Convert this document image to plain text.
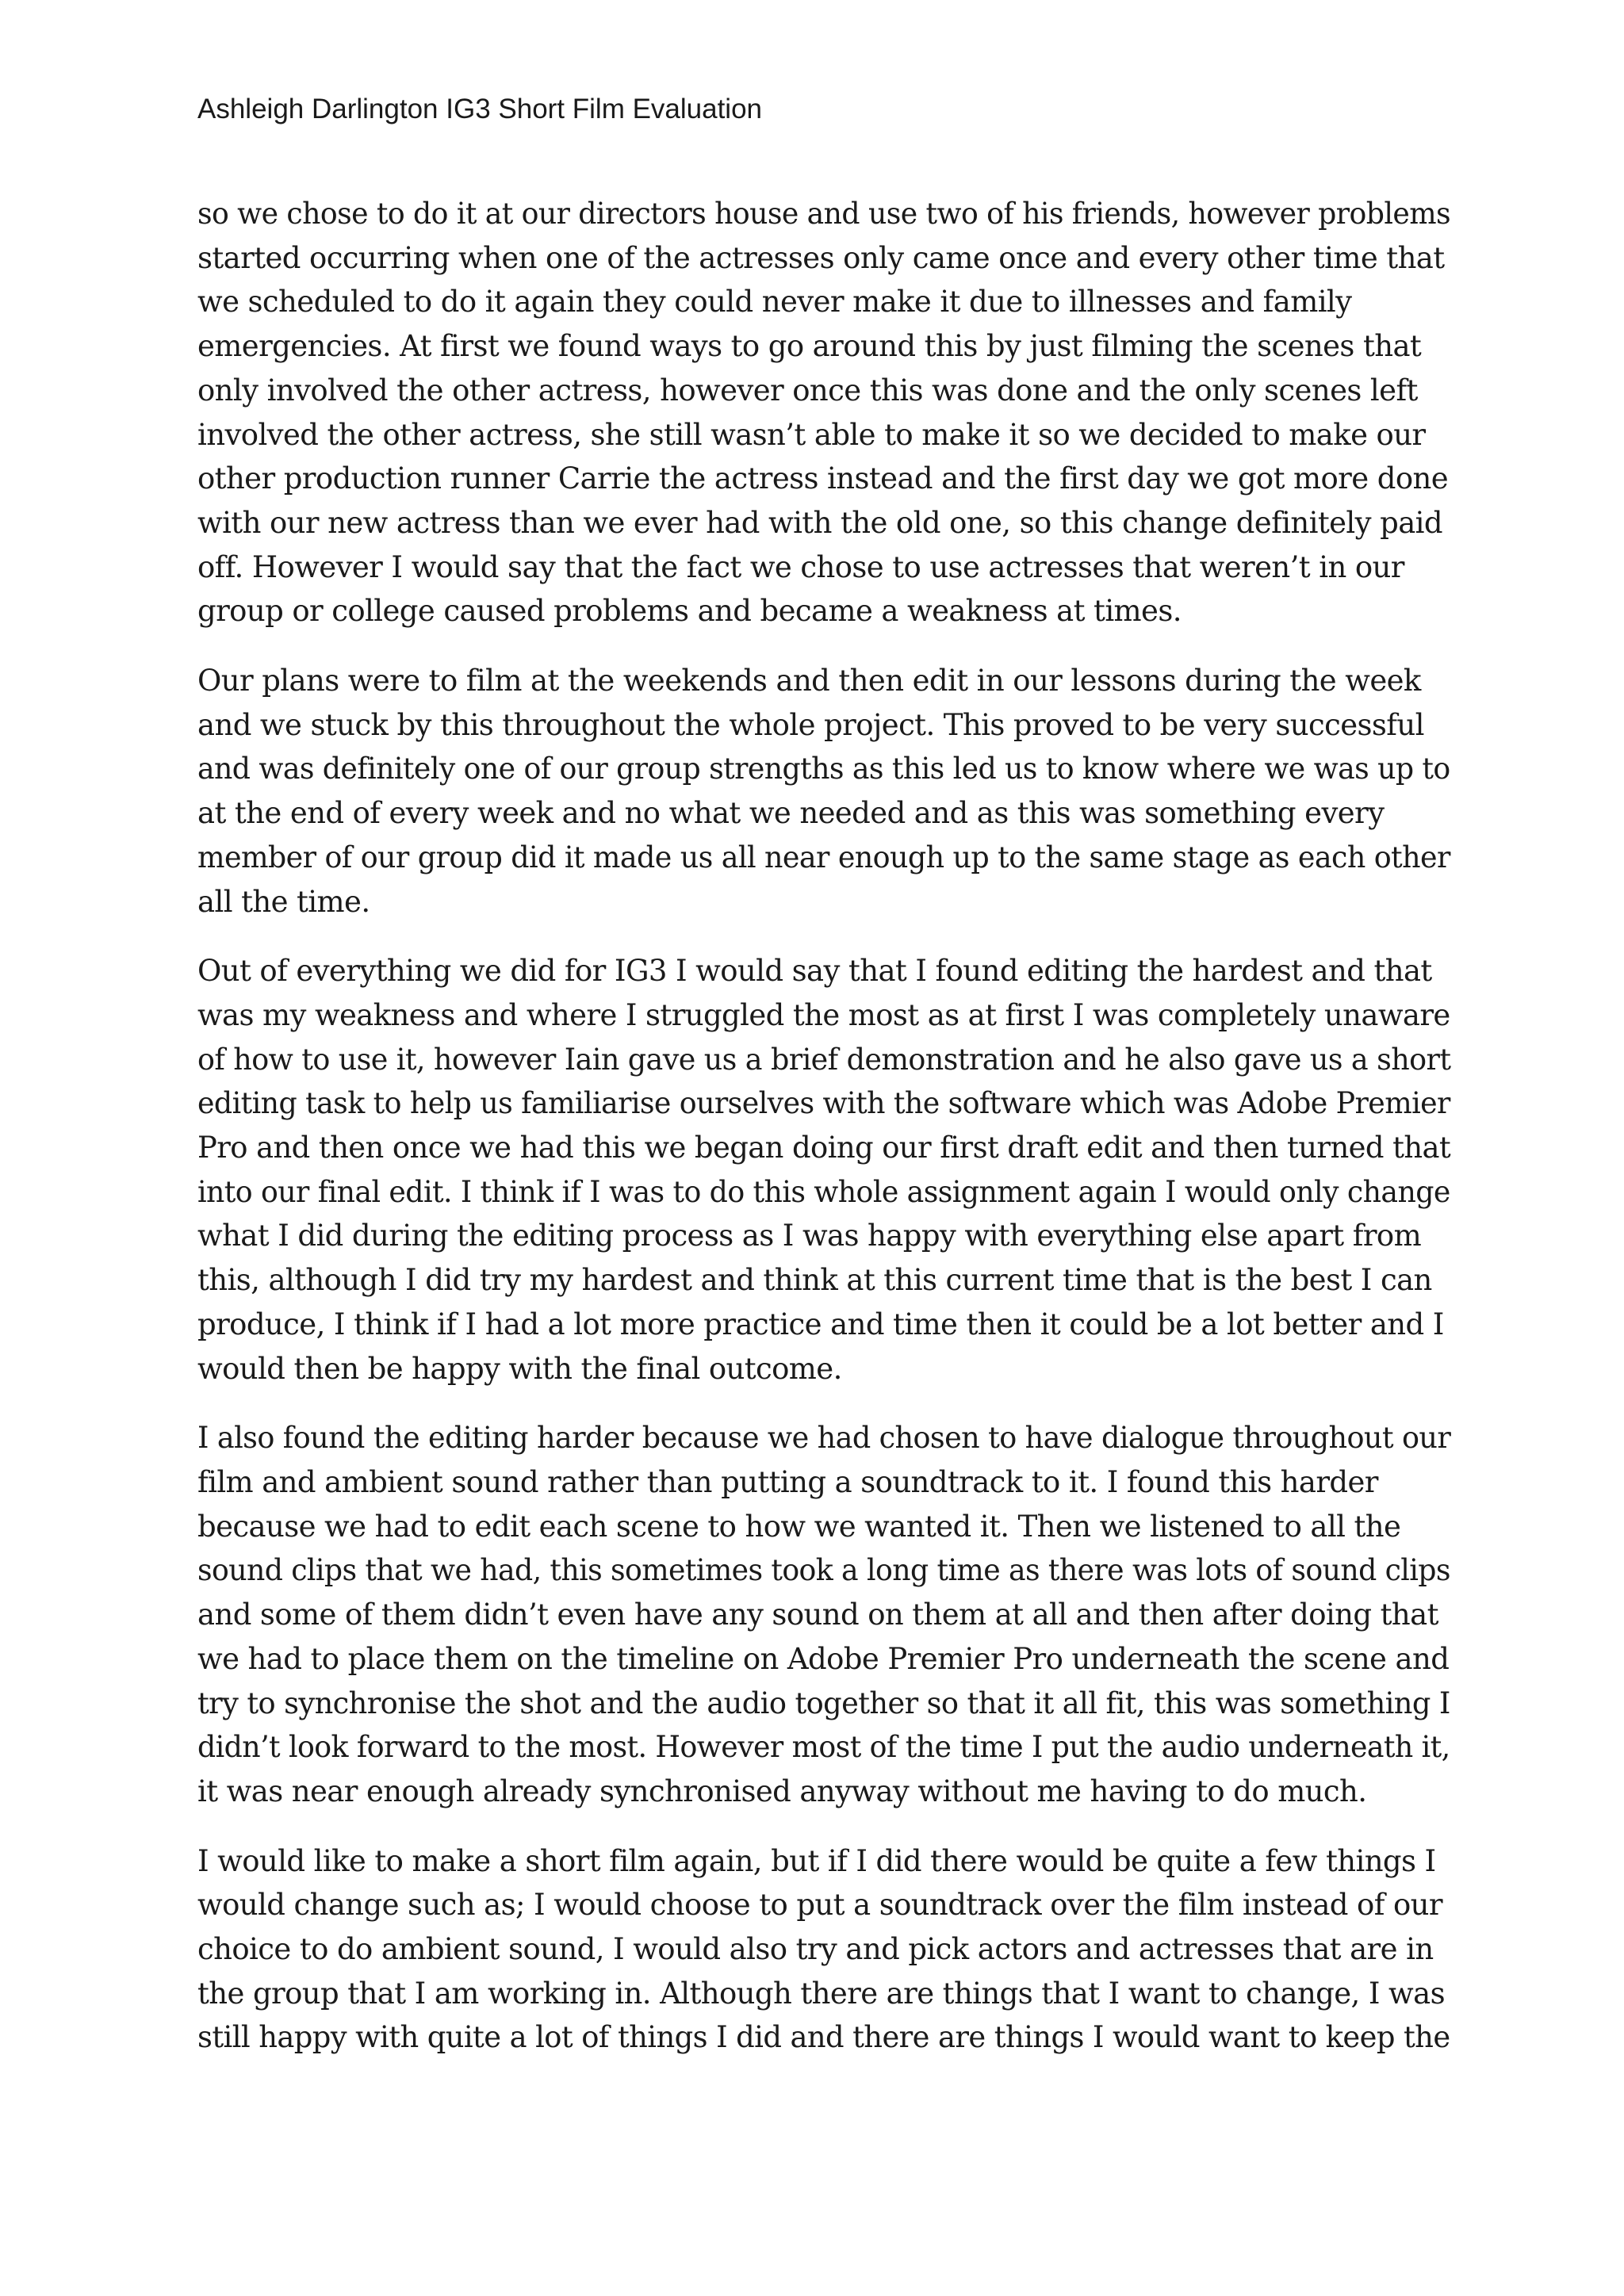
Ashleigh Darlington IG3 Short Film Evaluation
so we chose to do it at our directors house and use two of his friends, however problems
started occurring when one of the actresses only came once and every other time that
we scheduled to do it again they could never make it due to illnesses and family
emergencies. At first we found ways to go around this by just filming the scenes that
only involved the other actress, however once this was done and the only scenes left
involved the other actress, she still wasn’t able to make it so we decided to make our
other production runner Carrie the actress instead and the first day we got more done
with our new actress than we ever had with the old one, so this change definitely paid
off. However I would say that the fact we chose to use actresses that weren’t in our
group or college caused problems and became a weakness at times.
Our plans were to film at the weekends and then edit in our lessons during the week
and we stuck by this throughout the whole project. This proved to be very successful
and was definitely one of our group strengths as this led us to know where we was up to
at the end of every week and no what we needed and as this was something every
member of our group did it made us all near enough up to the same stage as each other
all the time.
Out of everything we did for IG3 I would say that I found editing the hardest and that
was my weakness and where I struggled the most as at first I was completely unaware
of how to use it, however Iain gave us a brief demonstration and he also gave us a short
editing task to help us familiarise ourselves with the software which was Adobe Premier
Pro and then once we had this we began doing our first draft edit and then turned that
into our final edit. I think if I was to do this whole assignment again I would only change
what I did during the editing process as I was happy with everything else apart from
this, although I did try my hardest and think at this current time that is the best I can
produce, I think if I had a lot more practice and time then it could be a lot better and I
would then be happy with the final outcome.
I also found the editing harder because we had chosen to have dialogue throughout our
film and ambient sound rather than putting a soundtrack to it. I found this harder
because we had to edit each scene to how we wanted it. Then we listened to all the
sound clips that we had, this sometimes took a long time as there was lots of sound clips
and some of them didn’t even have any sound on them at all and then after doing that
we had to place them on the timeline on Adobe Premier Pro underneath the scene and
try to synchronise the shot and the audio together so that it all fit, this was something I
didn’t look forward to the most. However most of the time I put the audio underneath it,
it was near enough already synchronised anyway without me having to do much.
I would like to make a short film again, but if I did there would be quite a few things I
would change such as; I would choose to put a soundtrack over the film instead of our
choice to do ambient sound, I would also try and pick actors and actresses that are in
the group that I am working in. Although there are things that I want to change, I was
still happy with quite a lot of things I did and there are things I would want to keep the
